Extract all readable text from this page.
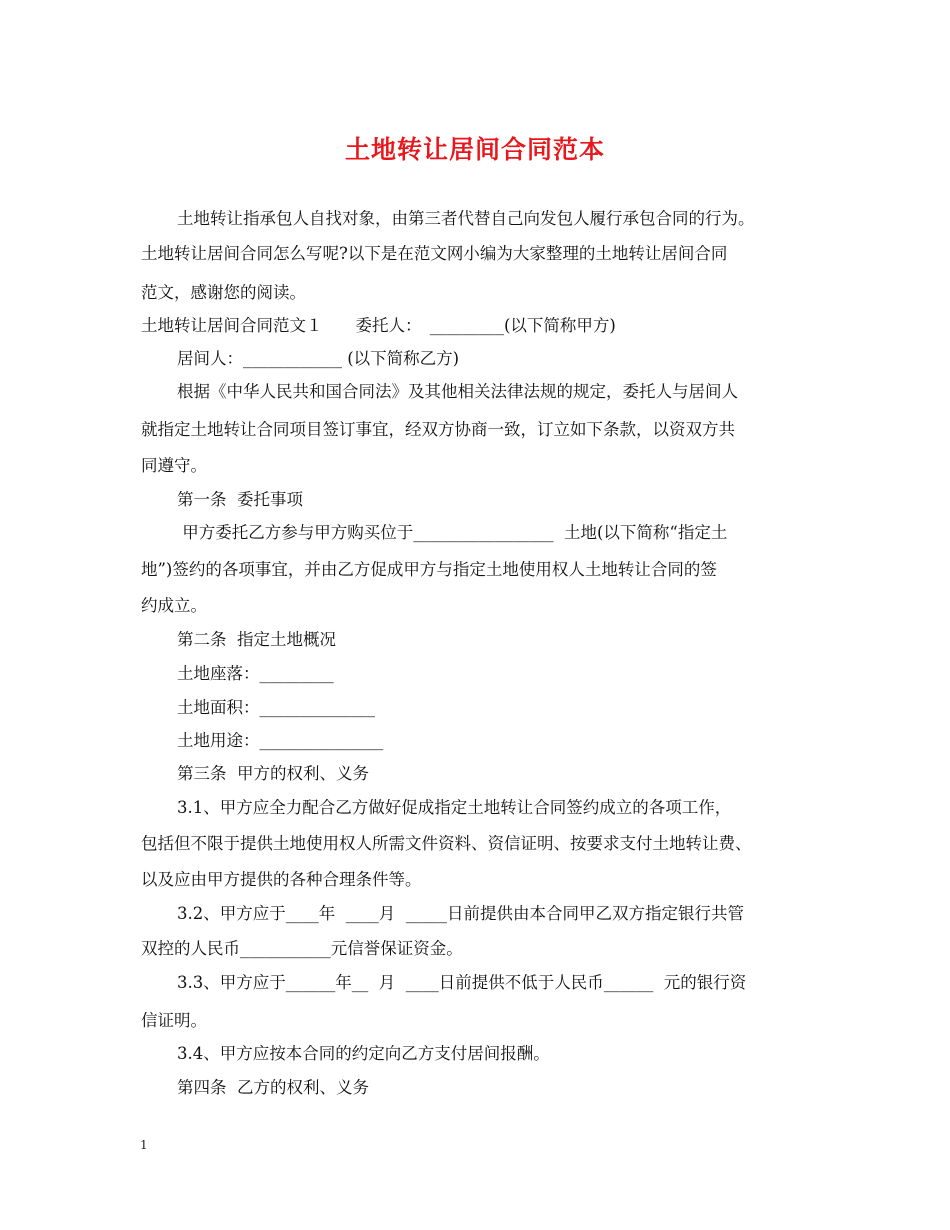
土地转让居间合同范本
土地转让指承包人自找对象，由第三者代替自己向发包人履行承包合同的行为。
土地转让居间合同怎么写呢?以下是在范文网小编为大家整理的土地转让居间合同
范文，感谢您的阅读。
土地转让居间合同范文１　　委托人：　_________(以下简称甲方)
居间人：____________ (以下简称乙方)
根据《中华人民共和国合同法》及其他相关法律法规的规定，委托人与居间人
就指定土地转让合同项目签订事宜，经双方协商一致，订立如下条款，以资双方共
同遵守。
第一条  委托事项
甲方委托乙方参与甲方购买位于_________________  土地(以下简称“指定土
地”)签约的各项事宜，并由乙方促成甲方与指定土地使用权人土地转让合同的签
约成立。
第二条  指定土地概况
土地座落：_________
土地面积：______________
土地用途：_______________
第三条  甲方的权利、义务
3.1、甲方应全力配合乙方做好促成指定土地转让合同签约成立的各项工作，
包括但不限于提供土地使用权人所需文件资料、资信证明、按要求支付土地转让费、
以及应由甲方提供的各种合理条件等。
3.2、甲方应于____年  ____月  _____日前提供由本合同甲乙双方指定银行共管
双控的人民币___________元信誉保证资金。
3.3、甲方应于______年__  月  ____日前提供不低于人民币______  元的银行资
信证明。
3.4、甲方应按本合同的约定向乙方支付居间报酬。
第四条  乙方的权利、义务
1
